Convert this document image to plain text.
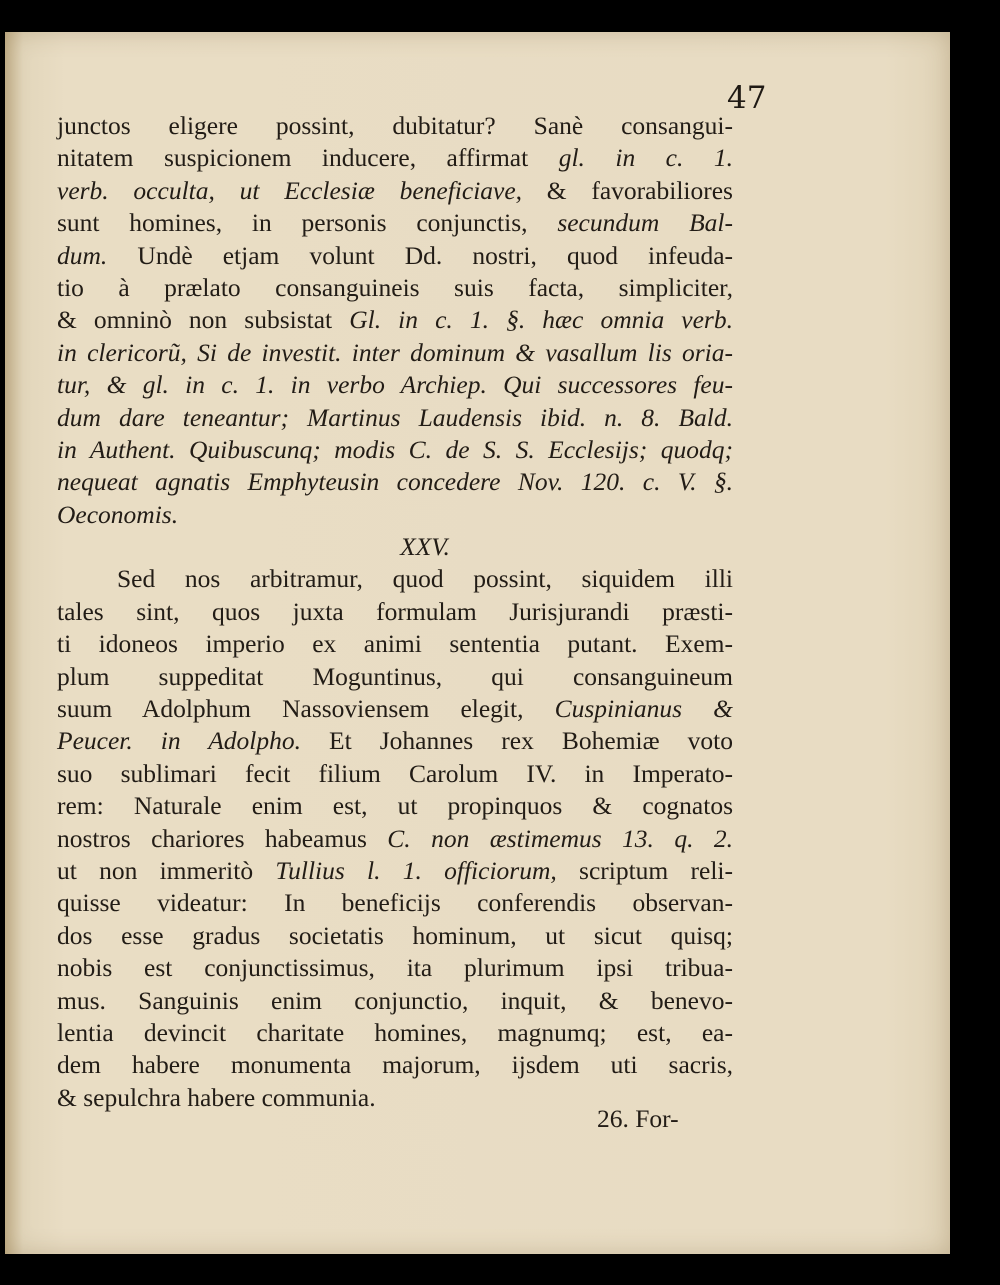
47
junctos eligere possint, dubitatur? Sanè consangui-
nitatem suspicionem inducere, affirmat gl. in c. 1.
verb. occulta, ut Ecclesiæ beneficiave, & favorabiliores
sunt homines, in personis conjunctis, secundum Bal-
dum. Undè etjam volunt Dd. nostri, quod infeuda-
tio à prælato consanguineis suis facta, simpliciter,
& omninò non subsistat Gl. in c. 1. §. hæc omnia verb.
in clericorũ, Si de investit. inter dominum & vasallum lis oria-
tur, & gl. in c. 1. in verbo Archiep. Qui successores feu-
dum dare teneantur; Martinus Laudensis ibid. n. 8. Bald.
in Authent. Quibuscunq; modis C. de S. S. Ecclesijs; quodq;
nequeat agnatis Emphyteusin concedere Nov. 120. c. V. §.
Oeconomis.
XXV.
Sed nos arbitramur, quod possint, siquidem illi
tales sint, quos juxta formulam Jurisjurandi præsti-
ti idoneos imperio ex animi sententia putant. Exem-
plum suppeditat Moguntinus, qui consanguineum
suum Adolphum Nassoviensem elegit, Cuspinianus &
Peucer. in Adolpho. Et Johannes rex Bohemiæ voto
suo sublimari fecit filium Carolum IV. in Imperato-
rem: Naturale enim est, ut propinquos & cognatos
nostros chariores habeamus C. non æstimemus 13. q. 2.
ut non immeritò Tullius l. 1. officiorum, scriptum reli-
quisse videatur: In beneficijs conferendis observan-
dos esse gradus societatis hominum, ut sicut quisq;
nobis est conjunctissimus, ita plurimum ipsi tribua-
mus. Sanguinis enim conjunctio, inquit, & benevo-
lentia devincit charitate homines, magnumq; est, ea-
dem habere monumenta majorum, ijsdem uti sacris,
& sepulchra habere communia.
26. For-
